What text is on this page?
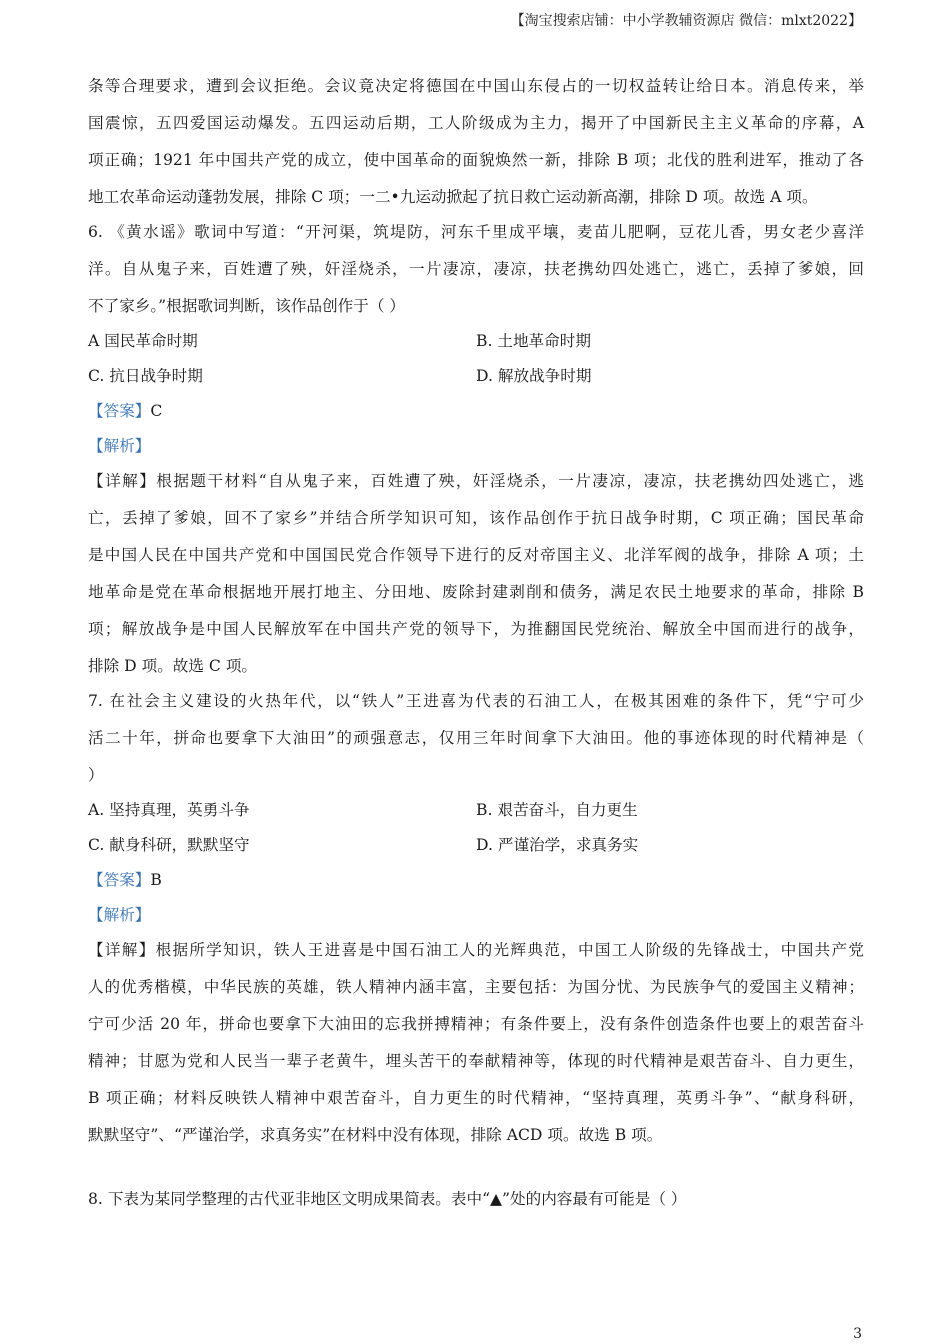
【淘宝搜索店铺：中小学教辅资源店 微信：mlxt2022】
条等合理要求，遭到会议拒绝。会议竟决定将德国在中国山东侵占的一切权益转让给日本。消息传来，举
国震惊，五四爱国运动爆发。五四运动后期，工人阶级成为主力，揭开了中国新民主主义革命的序幕，A
项正确；1921 年中国共产党的成立，使中国革命的面貌焕然一新，排除 B 项；北伐的胜利进军，推动了各
地工农革命运动蓬勃发展，排除 C 项；一二•九运动掀起了抗日救亡运动新高潮，排除 D 项。故选 A 项。
6. 《黄水谣》歌词中写道：“开河渠，筑堤防，河东千里成平壤，麦苗儿肥啊，豆花儿香，男女老少喜洋
洋。自从鬼子来，百姓遭了殃，奸淫烧杀，一片凄凉，凄凉，扶老携幼四处逃亡，逃亡，丢掉了爹娘，回
不了家乡。”根据歌词判断，该作品创作于（ ）
A 国民革命时期	B. 土地革命时期
C. 抗日战争时期	D. 解放战争时期
【答案】C
【解析】
【详解】根据题干材料“自从鬼子来，百姓遭了殃，奸淫烧杀，一片凄凉，凄凉，扶老携幼四处逃亡，逃
亡，丢掉了爹娘，回不了家乡”并结合所学知识可知，该作品创作于抗日战争时期，C 项正确；国民革命
是中国人民在中国共产党和中国国民党合作领导下进行的反对帝国主义、北洋军阀的战争，排除 A 项；土
地革命是党在革命根据地开展打地主、分田地、废除封建剥削和债务，满足农民土地要求的革命，排除 B
项；解放战争是中国人民解放军在中国共产党的领导下，为推翻国民党统治、解放全中国而进行的战争，
排除 D 项。故选 C 项。
7. 在社会主义建设的火热年代，以“铁人”王进喜为代表的石油工人，在极其困难的条件下，凭“宁可少
活二十年，拼命也要拿下大油田”的顽强意志，仅用三年时间拿下大油田。他的事迹体现的时代精神是（
）
A. 坚持真理，英勇斗争	B. 艰苦奋斗，自力更生
C. 献身科研，默默坚守	D. 严谨治学，求真务实
【答案】B
【解析】
【详解】根据所学知识，铁人王进喜是中国石油工人的光辉典范，中国工人阶级的先锋战士，中国共产党
人的优秀楷模，中华民族的英雄，铁人精神内涵丰富，主要包括：为国分忧、为民族争气的爱国主义精神；
宁可少活 20 年，拼命也要拿下大油田的忘我拼搏精神；有条件要上，没有条件创造条件也要上的艰苦奋斗
精神；甘愿为党和人民当一辈子老黄牛，埋头苦干的奉献精神等，体现的时代精神是艰苦奋斗、自力更生，
B 项正确；材料反映铁人精神中艰苦奋斗，自力更生的时代精神，“坚持真理，英勇斗争”、“献身科研，
默默坚守”、“严谨治学，求真务实”在材料中没有体现，排除 ACD 项。故选 B 项。
8. 下表为某同学整理的古代亚非地区文明成果简表。表中“▲”处的内容最有可能是（ ）
3
